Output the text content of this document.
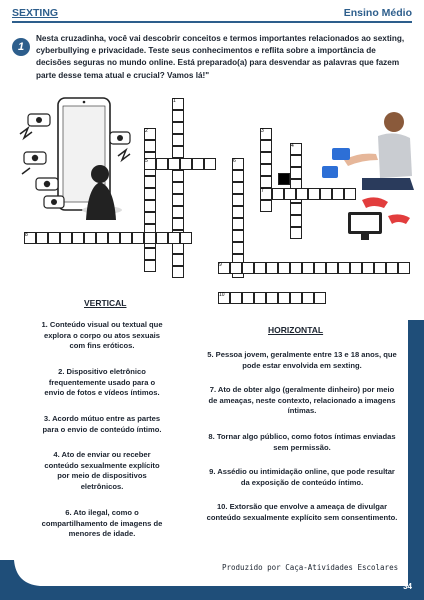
SEXTING	Ensino Médio
1
Nesta cruzadinha, você vai descobrir conceitos e termos importantes relacionados ao sexting, cyberbullying e privacidade. Teste seus conhecimentos e reflita sobre a importância de decisões seguras no mundo online. Está preparado(a) para desvendar as palavras que fazem parte desse tema atual e crucial? Vamos lá!"
1
2	3
4
5	6
7
8
9
10
VERTICAL
1. Conteúdo visual ou textual que explora o corpo ou atos sexuais com fins eróticos.
2. Dispositivo eletrônico frequentemente usado para o envio de fotos e vídeos íntimos.
3. Acordo mútuo entre as partes para o envio de conteúdo íntimo.
4. Ato de enviar ou receber conteúdo sexualmente explícito por meio de dispositivos eletrônicos.
6. Ato ilegal, como o compartilhamento de imagens de menores de idade.
HORIZONTAL
5. Pessoa jovem, geralmente entre 13 e 18 anos, que pode estar envolvida em sexting.
7. Ato de obter algo (geralmente dinheiro) por meio de ameaças, neste contexto, relacionado a imagens íntimas.
8. Tornar algo público, como fotos íntimas enviadas sem permissão.
9. Assédio ou intimidação online, que pode resultar da exposição de conteúdo íntimo.
10. Extorsão que envolve a ameaça de divulgar conteúdo sexualmente explícito sem consentimento.
Produzido por Caça-Atividades Escolares
34
